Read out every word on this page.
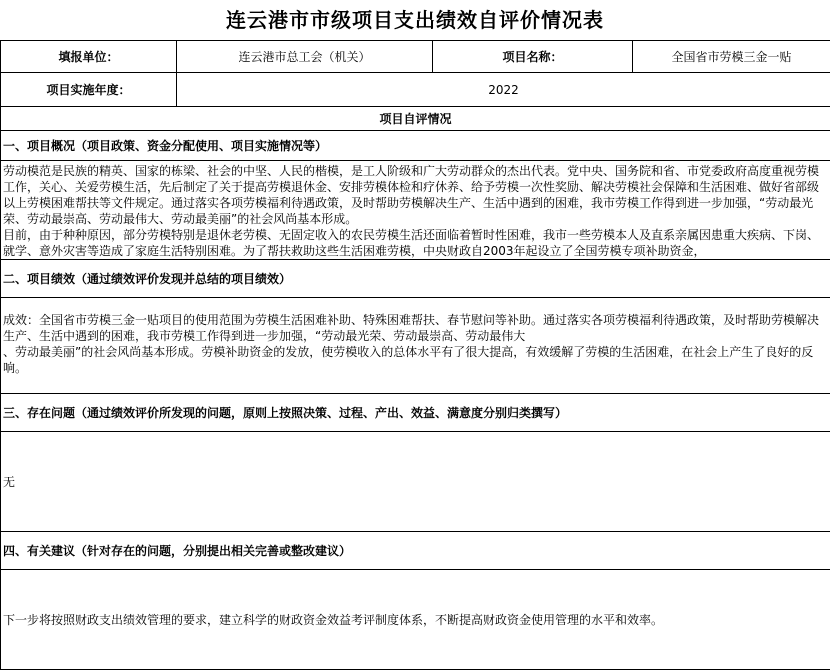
连云港市市级项目支出绩效自评价情况表
填报单位：	连云港市总工会（机关）	项目名称：	全国省市劳模三金一贴
项目实施年度：	2022		
项目自评情况			
一、项目概况（项目政策、资金分配使用、项目实施情况等）			

劳动模范是民族的精英、国家的栋梁、社会的中坚、人民的楷模，是工人阶级和广大劳动群众的杰出代表。党中央、国务院和省、市党委政府高度重视劳模工作，关心、关爱劳模生活，先后制定了关于提高劳模退休金、安排劳模体检和疗休养、给予劳模一次性奖励、解决劳模社会保障和生活困难、做好省部级以上劳模困难帮扶等文件规定。通过落实各项劳模福利待遇政策，及时帮助劳模解决生产、生活中遇到的困难，我市劳模工作得到进一步加强，“劳动最光荣、劳动最崇高、劳动最伟大、劳动最美丽”的社会风尚基本形成。

目前，由于种种原因，部分劳模特别是退休老劳模、无固定收入的农民劳模生活还面临着暂时性困难，我市一些劳模本人及直系亲属因患重大疾病、下岗、就学、意外灾害等造成了家庭生活特别困难。为了帮扶救助这些生活困难劳模，中央财政自2003年起设立了全国劳模专项补助资金，			

二、项目绩效（通过绩效评价发现并总结的项目绩效）			

成效：全国省市劳模三金一贴项目的使用范围为劳模生活困难补助、特殊困难帮扶、春节慰问等补助。通过落实各项劳模福利待遇政策，及时帮助劳模解决生产、生活中遇到的困难，我市劳模工作得到进一步加强，“劳动最光荣、劳动最崇高、劳动最伟大

、劳动最美丽”的社会风尚基本形成。劳模补助资金的发放，使劳模收入的总体水平有了很大提高，有效缓解了劳模的生活困难，在社会上产生了良好的反响。			

三、存在问题（通过绩效评价所发现的问题，原则上按照决策、过程、产出、效益、满意度分别归类撰写）			
无			
四、有关建议（针对存在的问题，分别提出相关完善或整改建议）			
下一步将按照财政支出绩效管理的要求，建立科学的财政资金效益考评制度体系，不断提高财政资金使用管理的水平和效率。			
